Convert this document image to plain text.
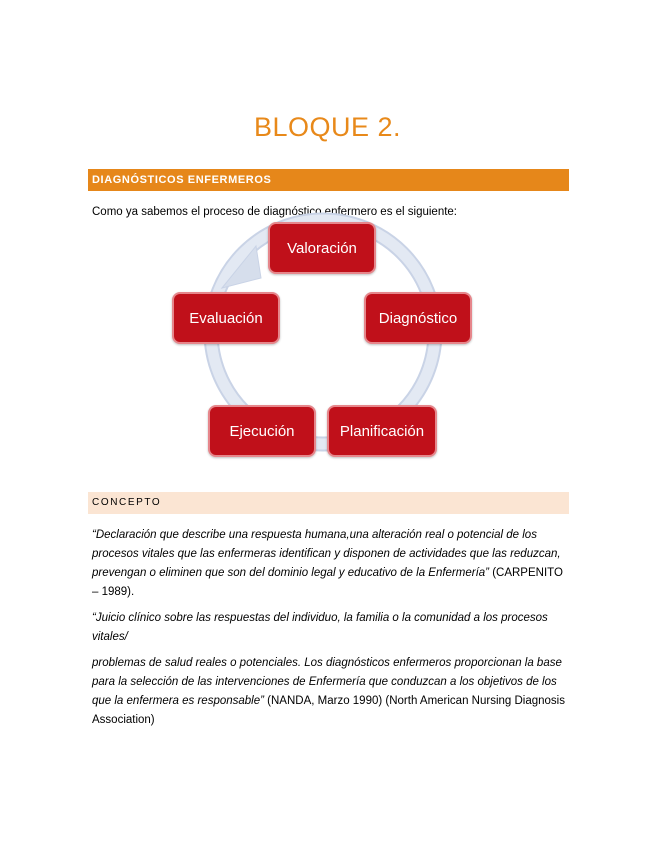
BLOQUE 2.
DIAGNÓSTICOS ENFERMEROS
Como ya sabemos el proceso de diagnóstico enfermero es el siguiente:
Valoración
Diagnóstico
Planificación
Ejecución
Evaluación
CONCEPTO
“Declaración que describe una respuesta humana,una alteración real o potencial de los procesos vitales que las enfermeras identifican y disponen de actividades que las reduzcan, prevengan o eliminen que son del dominio legal y educativo de la Enfermería” (CARPENITO – 1989).
“Juicio clínico sobre las respuestas del individuo, la familia o la comunidad a los procesos vitales/
problemas de salud reales o potenciales. Los diagnósticos enfermeros proporcionan la base para la selección de las intervenciones de Enfermería que conduzcan a los objetivos de los que la enfermera es responsable” (NANDA, Marzo 1990) (North American Nursing Diagnosis Association)
